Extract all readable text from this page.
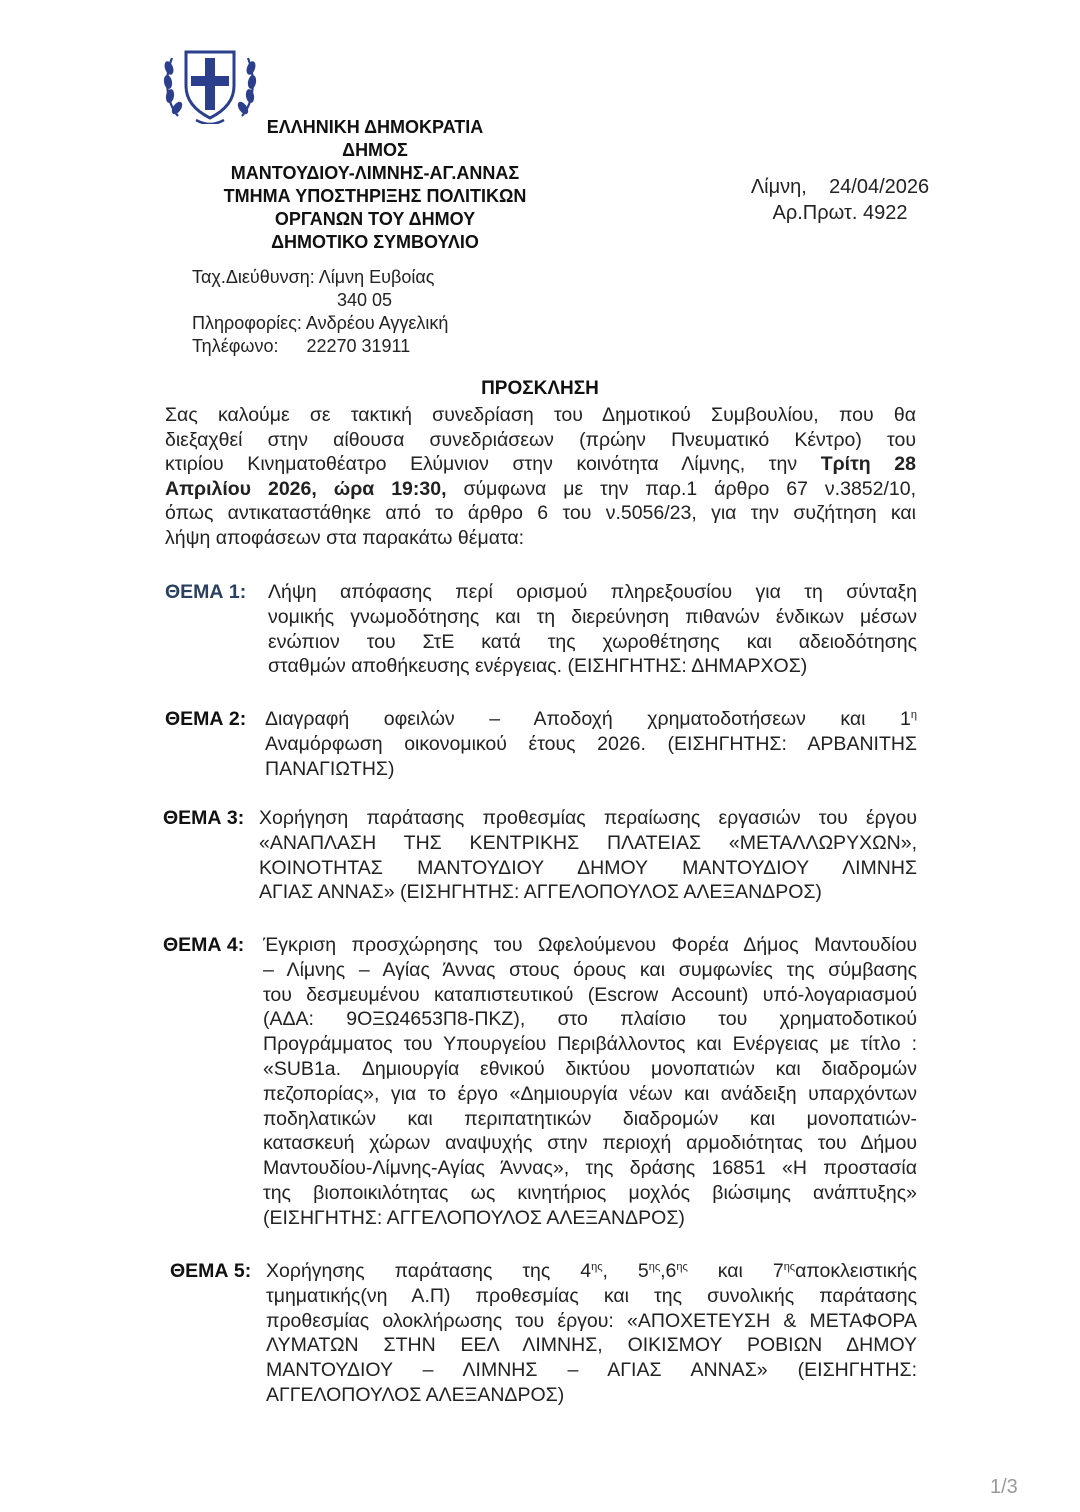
ΕΛΛΗΝΙΚΗ ΔΗΜΟΚΡΑΤΙΑ
ΔΗΜΟΣ
ΜΑΝΤΟΥΔΙΟΥ-ΛΙΜΝΗΣ-ΑΓ.ΑΝΝΑΣ
ΤΜΗΜΑ ΥΠΟΣΤΗΡΙΞΗΣ ΠΟΛΙΤΙΚΩΝ
ΟΡΓΑΝΩΝ ΤΟΥ ΔΗΜΟΥ
ΔΗΜΟΤΙΚΟ ΣΥΜΒΟΥΛΙΟ
Λίμνη, 24/04/2026
Αρ.Πρωτ. 4922
Ταχ.Διεύθυνση: Λίμνη Ευβοίας
340 05
Πληροφορίες: Ανδρέου Αγγελική
Τηλέφωνο: 22270 31911
ΠΡΟΣΚΛΗΣΗ
Σας καλούμε σε τακτική συνεδρίαση του Δημοτικού Συμβουλίου, που θα
διεξαχθεί στην αίθουσα συνεδριάσεων (πρώην Πνευματικό Κέντρο) του
κτιρίου Κινηματοθέατρο Ελύμνιον στην κοινότητα Λίμνης, την Τρίτη 28
Απριλίου 2026, ώρα 19:30, σύμφωνα με την παρ.1 άρθρο 67 ν.3852/10,
όπως αντικαταστάθηκε από το άρθρο 6 του ν.5056/23, για την συζήτηση και
λήψη αποφάσεων στα παρακάτω θέματα:
ΘΕΜΑ 1: Λήψη απόφασης περί ορισμού πληρεξουσίου για τη σύνταξη
νομικής γνωμοδότησης και τη διερεύνηση πιθανών ένδικων μέσων
ενώπιον του ΣτΕ κατά της χωροθέτησης και αδειοδότησης
σταθμών αποθήκευσης ενέργειας. (ΕΙΣΗΓΗΤΗΣ: ΔΗΜΑΡΧΟΣ)
ΘΕΜΑ 2: Διαγραφή οφειλών – Αποδοχή χρηματοδοτήσεων και $1^\eta$
Αναμόρφωση οικονομικού έτους 2026. (ΕΙΣΗΓΗΤΗΣ: ΑΡΒΑΝΙΤΗΣ
ΠΑΝΑΓΙΩΤΗΣ)
ΘΕΜΑ 3: Χορήγηση παράτασης προθεσμίας περαίωσης εργασιών του έργου
«ΑΝΑΠΛΑΣΗ ΤΗΣ ΚΕΝΤΡΙΚΗΣ ΠΛΑΤΕΙΑΣ «ΜΕΤΑΛΛΩΡΥΧΩΝ»,
ΚΟΙΝΟΤΗΤΑΣ ΜΑΝΤΟΥΔΙΟΥ ΔΗΜΟΥ ΜΑΝΤΟΥΔΙΟΥ ΛΙΜΝΗΣ
ΑΓΙΑΣ ΑΝΝΑΣ» (ΕΙΣΗΓΗΤΗΣ: ΑΓΓΕΛΟΠΟΥΛΟΣ ΑΛΕΞΑΝΔΡΟΣ)
ΘΕΜΑ 4: Έγκριση προσχώρησης του Ωφελούμενου Φορέα Δήμος Μαντουδίου
– Λίμνης – Αγίας Άννας στους όρους και συμφωνίες της σύμβασης
του δεσμευμένου καταπιστευτικού (Escrow Account) υπό-λογαριασμού
(ΑΔΑ: 9ΟΞΩ4653Π8-ΠΚΖ), στο πλαίσιο του χρηματοδοτικού
Προγράμματος του Υπουργείου Περιβάλλοντος και Ενέργειας με τίτλο :
«SUB1a. Δημιουργία εθνικού δικτύου μονοπατιών και διαδρομών
πεζοπορίας», για το έργο «Δημιουργία νέων και ανάδειξη υπαρχόντων
ποδηλατικών και περιπατητικών διαδρομών και μονοπατιών-
κατασκευή χώρων αναψυχής στην περιοχή αρμοδιότητας του Δήμου
Μαντουδίου-Λίμνης-Αγίας Άννας», της δράσης 16851 «Η προστασία
της βιοποικιλότητας ως κινητήριος μοχλός βιώσιμης ανάπτυξης»
(ΕΙΣΗΓΗΤΗΣ: ΑΓΓΕΛΟΠΟΥΛΟΣ ΑΛΕΞΑΝΔΡΟΣ)
ΘΕΜΑ 5: Χορήγησης παράτασης της $4^{\eta\varsigma}$, $5^{\eta\varsigma},6^{\eta\varsigma}$ και $7^{\eta\varsigma}\alpha\pi o\kappa\lambda\varepsilon\iota\sigma\tau\iota\kappa ή\varsigma$
τμηματικής(νη Α.Π) προθεσμίας και της συνολικής παράτασης
προθεσμίας ολοκλήρωσης του έργου: «ΑΠΟΧΕΤΕΥΣΗ & ΜΕΤΑΦΟΡΑ
ΛΥΜΑΤΩΝ ΣΤΗΝ ΕΕΛ ΛΙΜΝΗΣ, ΟΙΚΙΣΜΟΥ ΡΟΒΙΩΝ ΔΗΜΟΥ
ΜΑΝΤΟΥΔΙΟΥ – ΛΙΜΝΗΣ – ΑΓΙΑΣ ΑΝΝΑΣ» (ΕΙΣΗΓΗΤΗΣ:
ΑΓΓΕΛΟΠΟΥΛΟΣ ΑΛΕΞΑΝΔΡΟΣ)
1/3
